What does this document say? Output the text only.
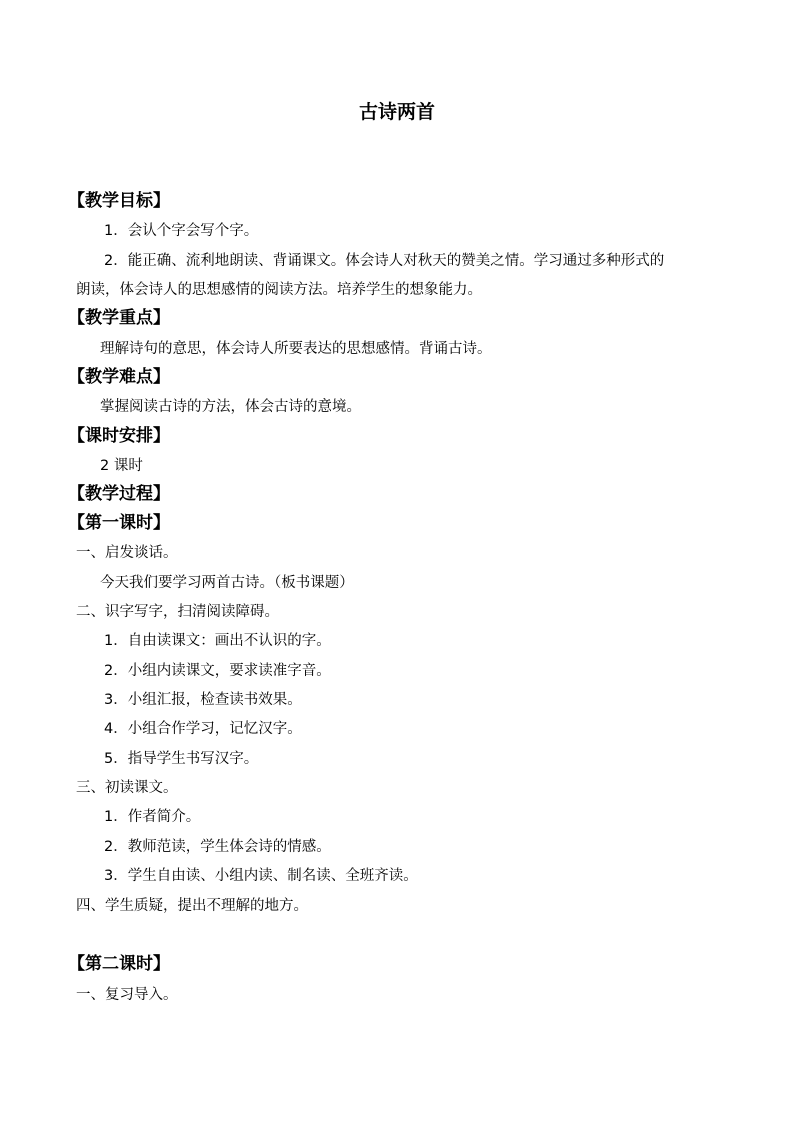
古诗两首
【教学目标】
1．会认个字会写个字。
2．能正确、流利地朗读、背诵课文。体会诗人对秋天的赞美之情。学习通过多种形式的
朗读，体会诗人的思想感情的阅读方法。培养学生的想象能力。
【教学重点】
理解诗句的意思，体会诗人所要表达的思想感情。背诵古诗。
【教学难点】
掌握阅读古诗的方法，体会古诗的意境。
【课时安排】
2 课时
【教学过程】
【第一课时】
一、启发谈话。
今天我们要学习两首古诗。（板书课题）
二、识字写字，扫清阅读障碍。
1．自由读课文：画出不认识的字。
2．小组内读课文，要求读准字音。
3．小组汇报，检查读书效果。
4．小组合作学习，记忆汉字。
5．指导学生书写汉字。
三、初读课文。
1．作者简介。
2．教师范读，学生体会诗的情感。
3．学生自由读、小组内读、制名读、全班齐读。
四、学生质疑，提出不理解的地方。
【第二课时】
一、复习导入。
